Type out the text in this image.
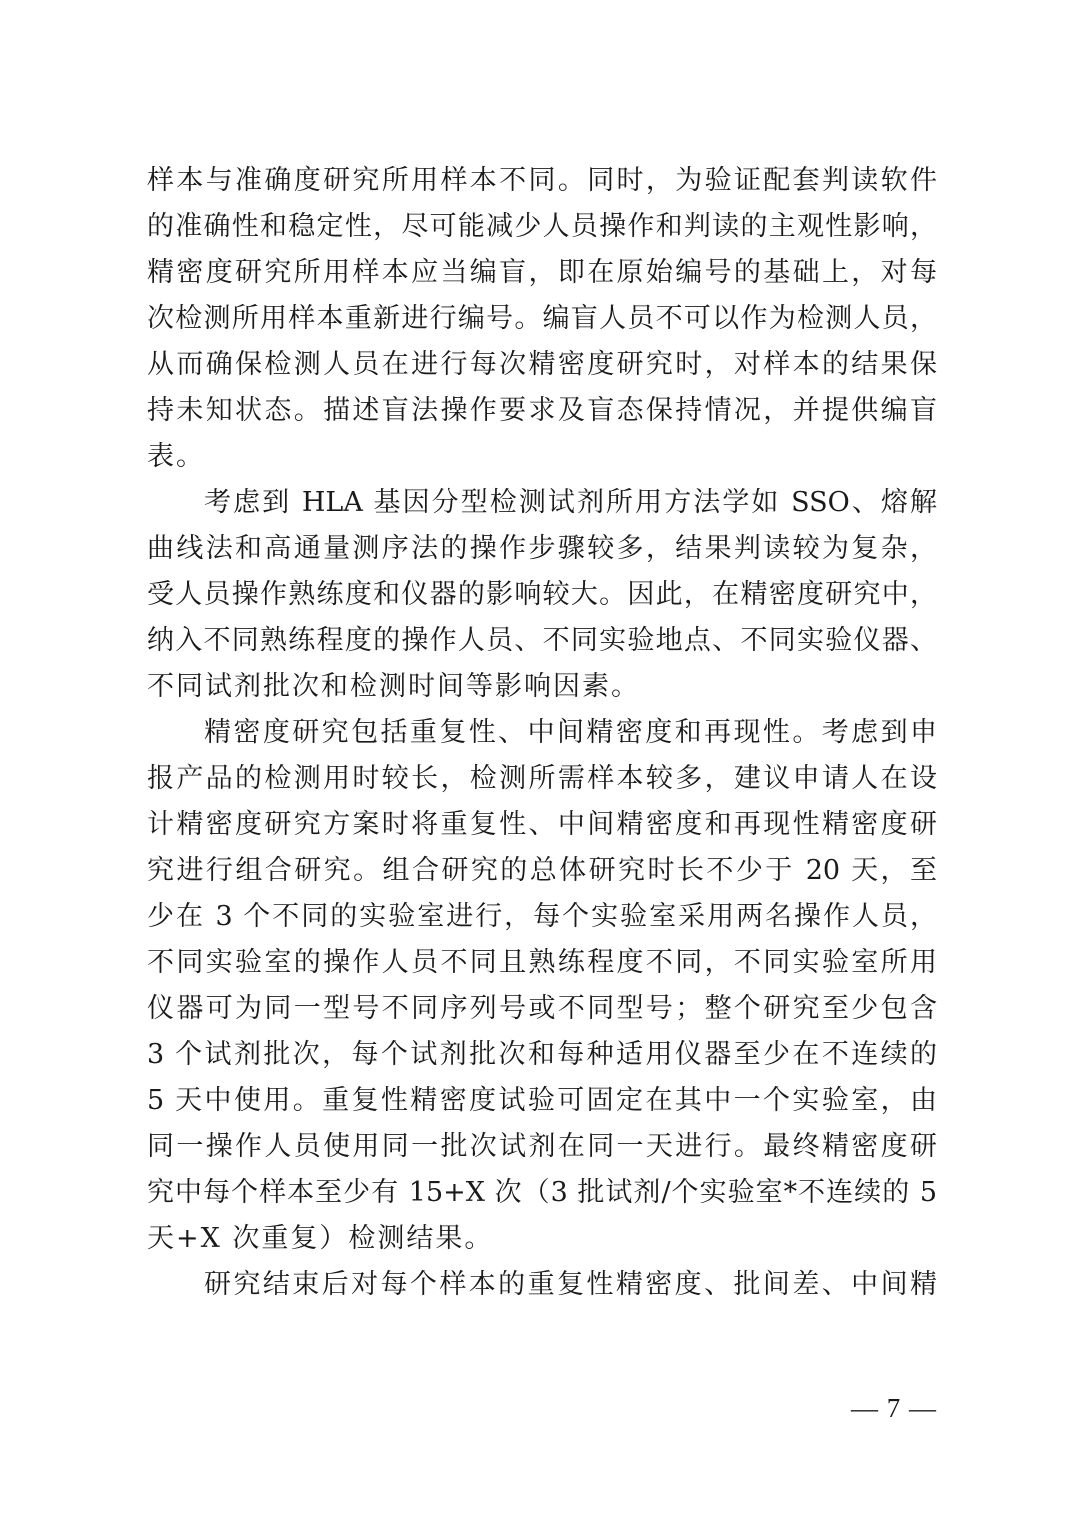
样本与准确度研究所用样本不同。同时，为验证配套判读软件
的准确性和稳定性，尽可能减少人员操作和判读的主观性影响，
精密度研究所用样本应当编盲，即在原始编号的基础上，对每
次检测所用样本重新进行编号。编盲人员不可以作为检测人员，
从而确保检测人员在进行每次精密度研究时，对样本的结果保
持未知状态。描述盲法操作要求及盲态保持情况，并提供编盲
表。
考虑到 HLA 基因分型检测试剂所用方法学如 SSO、熔解
曲线法和高通量测序法的操作步骤较多，结果判读较为复杂，
受人员操作熟练度和仪器的影响较大。因此，在精密度研究中，
纳入不同熟练程度的操作人员、不同实验地点、不同实验仪器、
不同试剂批次和检测时间等影响因素。
精密度研究包括重复性、中间精密度和再现性。考虑到申
报产品的检测用时较长，检测所需样本较多，建议申请人在设
计精密度研究方案时将重复性、中间精密度和再现性精密度研
究进行组合研究。组合研究的总体研究时长不少于 20 天，至
少在 3 个不同的实验室进行，每个实验室采用两名操作人员，
不同实验室的操作人员不同且熟练程度不同，不同实验室所用
仪器可为同一型号不同序列号或不同型号；整个研究至少包含
3 个试剂批次，每个试剂批次和每种适用仪器至少在不连续的
5 天中使用。重复性精密度试验可固定在其中一个实验室，由
同一操作人员使用同一批次试剂在同一天进行。最终精密度研
究中每个样本至少有 15+X 次（3 批试剂/个实验室*不连续的 5
天+X 次重复）检测结果。
研究结束后对每个样本的重复性精密度、批间差、中间精
— 7 —
